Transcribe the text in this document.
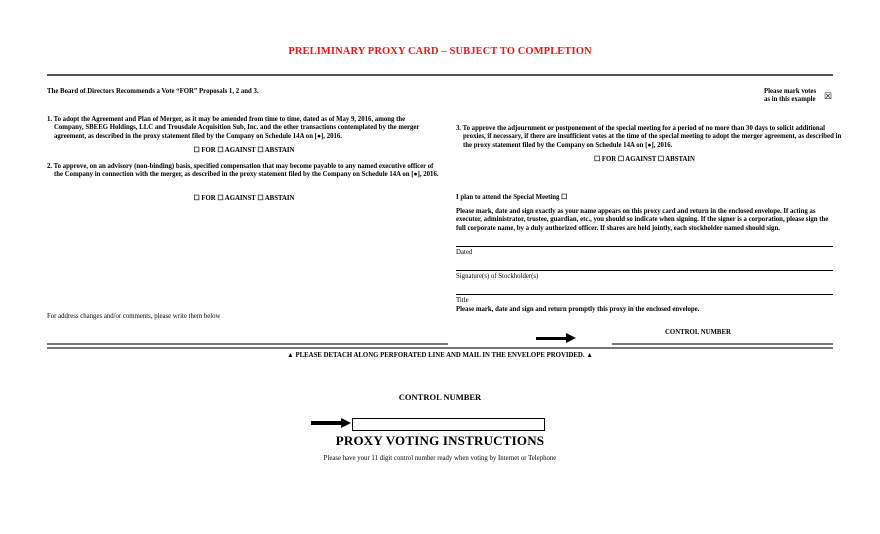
PRELIMINARY PROXY CARD – SUBJECT TO COMPLETION
The Board of Directors Recommends a Vote “FOR” Proposals 1, 2 and 3.	Please mark votes
as in this example ☒
1. To adopt the Agreement and Plan of Merger, as it may be amended from time to time, dated as of May 9, 2016, among the Company, SBEEG Holdings, LLC and Trousdale Acquisition Sub, Inc. and the other transactions contemplated by the merger agreement, as described in the proxy statement filed by the Company on Schedule 14A on [●], 2016.
☐ FOR ☐ AGAINST ☐ ABSTAIN
2. To approve, on an advisory (non-binding) basis, specified compensation that may become payable to any named executive officer of the Company in connection with the merger, as described in the proxy statement filed by the Company on Schedule 14A on [●], 2016.
☐ FOR ☐ AGAINST ☐ ABSTAIN
3. To approve the adjournment or postponement of the special meeting for a period of no more than 30 days to solicit additional proxies, if necessary, if there are insufficient votes at the time of the special meeting to adopt the merger agreement, as described in the proxy statement filed by the Company on Schedule 14A on [●], 2016.
☐ FOR ☐ AGAINST ☐ ABSTAIN
I plan to attend the Special Meeting ☐
Please mark, date and sign exactly as your name appears on this proxy card and return in the enclosed envelope. If acting as executor, administrator, trustee, guardian, etc., you should so indicate when signing. If the signer is a corporation, please sign the full corporate name, by a duly authorized officer. If shares are held jointly, each stockholder named should sign.
Dated
Signature(s) of Stockholder(s)
Title
Please mark, date and sign and return promptly this proxy in the enclosed envelope.
For address changes and/or comments, please write them below
CONTROL NUMBER
▲ PLEASE DETACH ALONG PERFORATED LINE AND MAIL IN THE ENVELOPE PROVIDED. ▲
CONTROL NUMBER
PROXY VOTING INSTRUCTIONS
Please have your 11 digit control number ready when voting by Internet or Telephone
